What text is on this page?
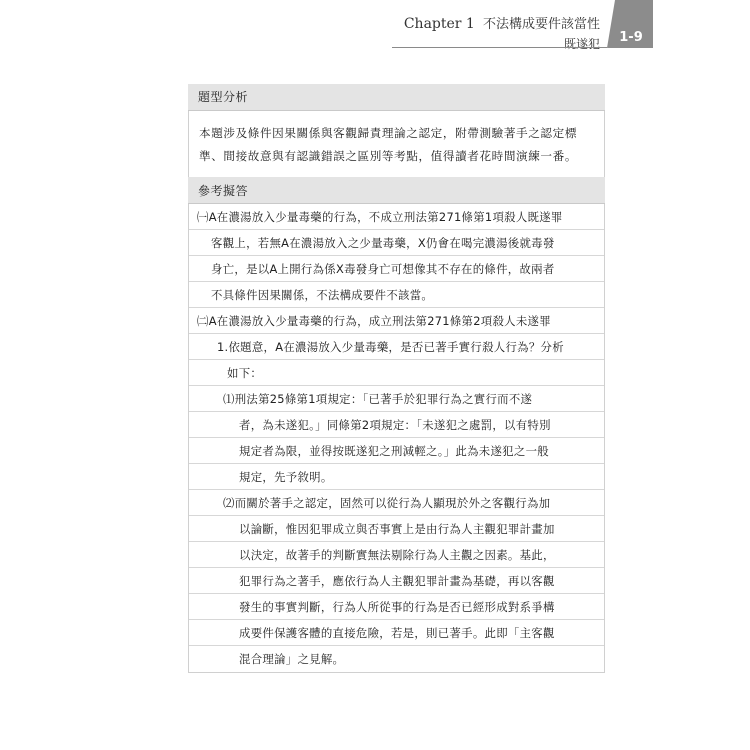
Chapter 1 不法構成要件該當性
既遂犯	1-9
題型分析
本題涉及條件因果關係與客觀歸責理論之認定，附帶測驗著手之認定標
準、間接故意與有認識錯誤之區別等考點，值得讀者花時間演練一番。
參考擬答
㈠A在濃湯放入少量毒藥的行為，不成立刑法第271條第1項殺人既遂罪
客觀上，若無A在濃湯放入之少量毒藥，X仍會在喝完濃湯後就毒發
身亡，是以A上開行為係X毒發身亡可想像其不存在的條件，故兩者
不具條件因果關係，不法構成要件不該當。
㈡A在濃湯放入少量毒藥的行為，成立刑法第271條第2項殺人未遂罪
1.依題意，A在濃湯放入少量毒藥，是否已著手實行殺人行為？分析
如下：
⑴刑法第25條第1項規定：「已著手於犯罪行為之實行而不遂
者，為未遂犯。」同條第2項規定：「未遂犯之處罰，以有特別
規定者為限，並得按既遂犯之刑減輕之。」此為未遂犯之一般
規定，先予敘明。
⑵而關於著手之認定，固然可以從行為人顯現於外之客觀行為加
以論斷，惟因犯罪成立與否事實上是由行為人主觀犯罪計畫加
以決定，故著手的判斷實無法剔除行為人主觀之因素。基此，
犯罪行為之著手，應依行為人主觀犯罪計畫為基礎，再以客觀
發生的事實判斷，行為人所從事的行為是否已經形成對系爭構
成要件保護客體的直接危險，若是，則已著手。此即「主客觀
混合理論」之見解。
